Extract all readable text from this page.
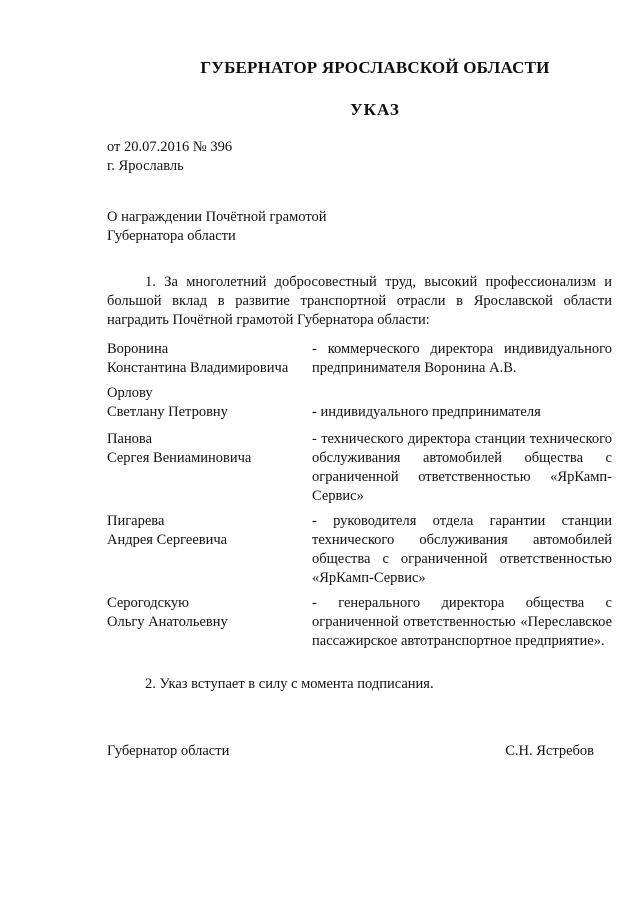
ГУБЕРНАТОР ЯРОСЛАВСКОЙ ОБЛАСТИ
УКАЗ
от 20.07.2016 № 396
г. Ярославль
О награждении Почётной грамотой
Губернатора области
1. За многолетний добросовестный труд, высокий профессионализм и большой вклад в развитие транспортной отрасли в Ярославской области наградить Почётной грамотой Губернатора области:
Воронина
Константина Владимировича
- коммерческого директора индивидуального предпринимателя Воронина А.В.
Орлову
Светлану Петровну	- индивидуального предпринимателя
Панова
Сергея Вениаминовича
- технического директора станции технического обслуживания автомобилей общества с ограниченной ответственностью «ЯрКамп-Сервис»
Пигарева
Андрея Сергеевича
- руководителя отдела гарантии станции технического обслуживания автомобилей общества с ограниченной ответственностью «ЯрКамп-Сервис»
Серогодскую
Ольгу Анатольевну
- генерального директора общества с ограниченной ответственностью «Переславское пассажирское автотранспортное предприятие».
2. Указ вступает в силу с момента подписания.
Губернатор области	С.Н. Ястребов
